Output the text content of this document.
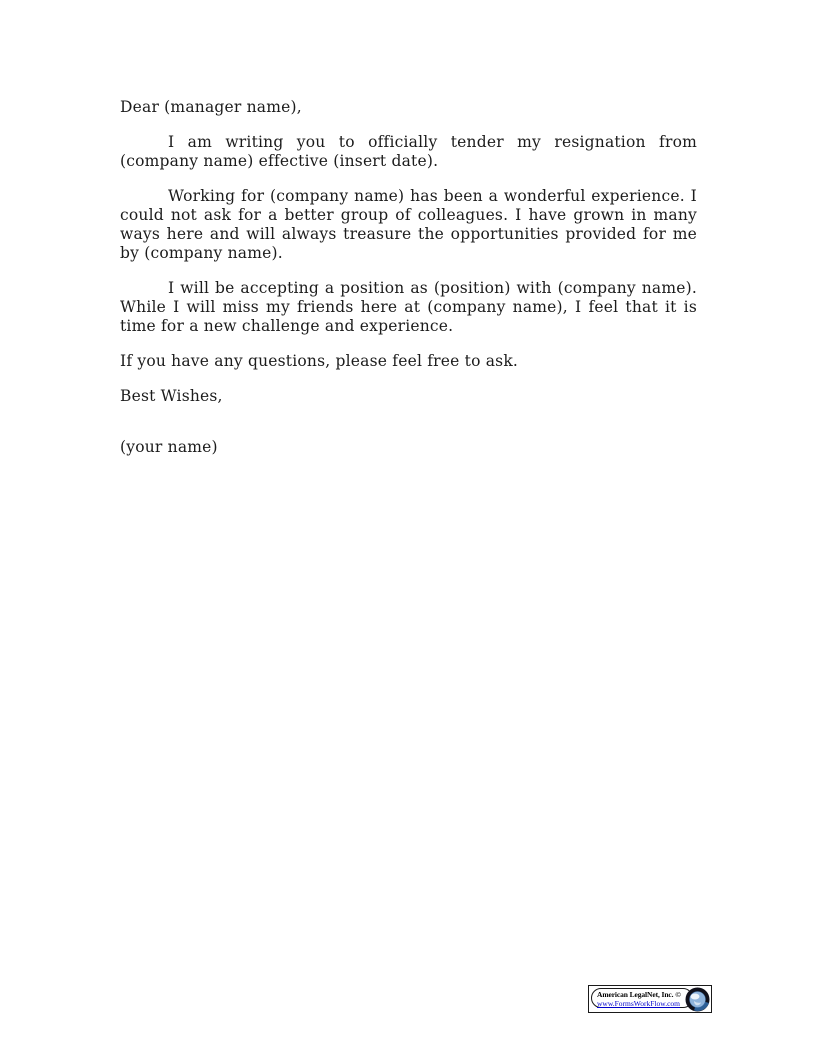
Dear (manager name),

I am writing you to officially tender my resignation from (company name) effective (insert date).

Working for (company name) has been a wonderful experience. I could not ask for a better group of colleagues. I have grown in many ways here and will always treasure the opportunities provided for me by (company name).

I will be accepting a position as (position) with (company name). While I will miss my friends here at (company name), I feel that it is time for a new challenge and experience.

If you have any questions, please feel free to ask.

Best Wishes,

(your name)

American LegalNet, Inc. ©
www.FormsWorkFlow.com
